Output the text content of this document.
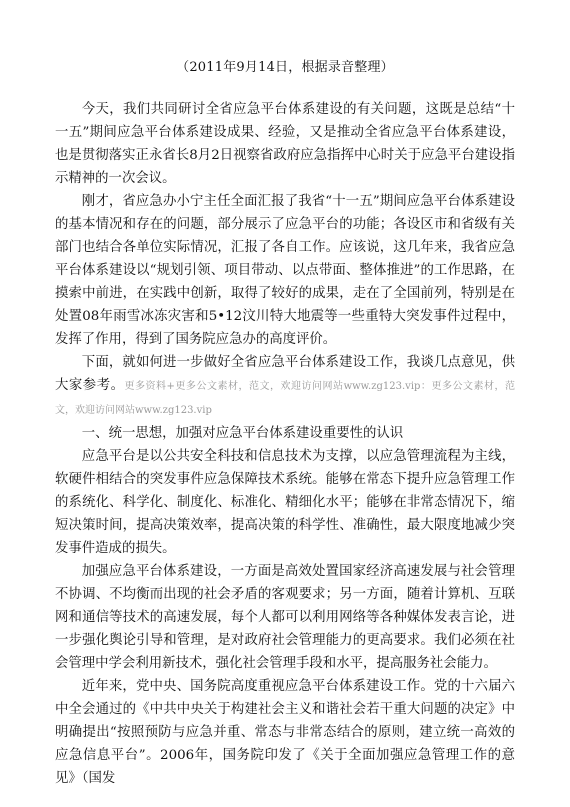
（2011年9月14日，根据录音整理）

今天，我们共同研讨全省应急平台体系建设的有关问题，这既是总结“十一五”期间应急平台体系建设成果、经验，又是推动全省应急平台体系建设，也是贯彻落实正永省长8月2日视察省政府应急指挥中心时关于应急平台建设指示精神的一次会议。

刚才，省应急办小宁主任全面汇报了我省“十一五”期间应急平台体系建设的基本情况和存在的问题，部分展示了应急平台的功能；各设区市和省级有关部门也结合各单位实际情况，汇报了各自工作。应该说，这几年来，我省应急平台体系建设以“规划引领、项目带动、以点带面、整体推进”的工作思路，在摸索中前进，在实践中创新，取得了较好的成果，走在了全国前列，特别是在处置08年雨雪冰冻灾害和5•12汶川特大地震等一些重特大突发事件过程中，发挥了作用，得到了国务院应急办的高度评价。

下面，就如何进一步做好全省应急平台体系建设工作，我谈几点意见，供大家参考。更多资料+更多公文素材，范文，欢迎访问网站www.zg123.vip：更多公文素材，范文，欢迎访问网站www.zg123.vip

一、统一思想，加强对应急平台体系建设重要性的认识

应急平台是以公共安全科技和信息技术为支撑，以应急管理流程为主线，软硬件相结合的突发事件应急保障技术系统。能够在常态下提升应急管理工作的系统化、科学化、制度化、标准化、精细化水平；能够在非常态情况下，缩短决策时间，提高决策效率，提高决策的科学性、准确性，最大限度地减少突发事件造成的损失。

加强应急平台体系建设，一方面是高效处置国家经济高速发展与社会管理不协调、不均衡而出现的社会矛盾的客观要求；另一方面，随着计算机、互联网和通信等技术的高速发展，每个人都可以利用网络等各种媒体发表言论，进一步强化舆论引导和管理，是对政府社会管理能力的更高要求。我们必须在社会管理中学会利用新技术，强化社会管理手段和水平，提高服务社会能力。

近年来，党中央、国务院高度重视应急平台体系建设工作。党的十六届六中全会通过的《中共中央关于构建社会主义和谐社会若干重大问题的决定》中明确提出“按照预防与应急并重、常态与非常态结合的原则，建立统一高效的应急信息平台”。2006年，国务院印发了《关于全面加强应急管理工作的意见》（国发
